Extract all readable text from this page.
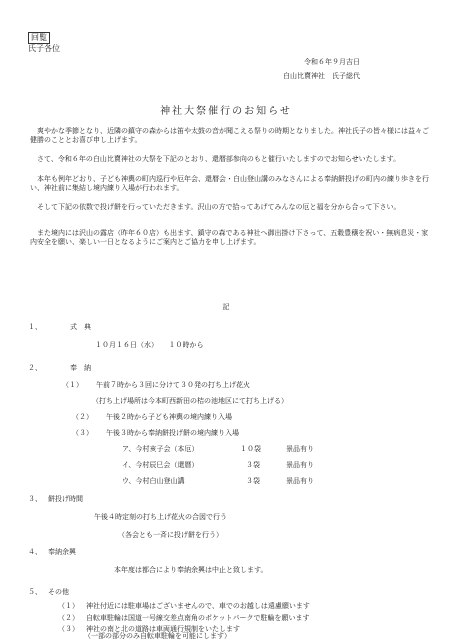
回覧
氏子各位
令和６年９月吉日
白山比賣神社　氏子総代
神社大祭催行のお知らせ
　爽やかな季節となり、近隣の鎮守の森からは笛や太鼓の音が聞こえる祭りの時期となりました。神社氏子の皆々様には益々ご健勝のこととお喜び申し上げます。
　さて、令和６年の白山比賣神社の大祭を下記のとおり、還暦部参向のもと催行いたしますのでお知らせいたします。
　本年も例年どおり、子ども神輿の町内巡行や厄年会、還暦会・白山登山講のみなさんによる奉納餅投げの町内の練り歩きを行い、神社前に集結し境内練り入場が行われます。
　そして下記の依数で投げ餅を行っていただきます。沢山の方で拾ってあげてみんなの厄と福を分から合って下さい。
　また境内には沢山の露店（昨年６０店）も出ます、鎮守の森である神社へ御出掛け下さって、五穀豊穣を祝い・無病息災・家内安全を願い、楽しい一日となるようにご案内とご協力を申し上げます。
記
１、	式　典
１０月１６日（水）　　１０時から
２、	奉　納
（１） 午前７時から３回に分けて３０発の打ち上げ花火
（打ち上げ場所は今本町西新田の桔の池地区にて打ち上げる）
（２） 午後２時から子ども神輿の境内練り入場
（３） 午後３時から奉納餅投げ餅の境内練り入場
ア、今村亥子会（本厄）	１０袋	景品有り
イ、今村辰巳会（還暦）	３袋	景品有り
ウ、今村白山登山講	３袋	景品有り
３、 餅投げ時間
午後４時定刻の打ち上げ花火の合図で行う
（各会とも一斉に投げ餅を行う）
４、 奉納余興
本年度は都合により奉納余興は中止と致します。
５、 その他
（１） 神社付近には駐車場はございませんので、車でのお越しは遠慮願います
（２） 自転車駐輪は国道一号線交差点南角のポケットパークで駐輪を願います
（３） 神社の南と北の道路は車両通行規制をいたします
（一部の部分のみ自転車駐輪を可能にします）
